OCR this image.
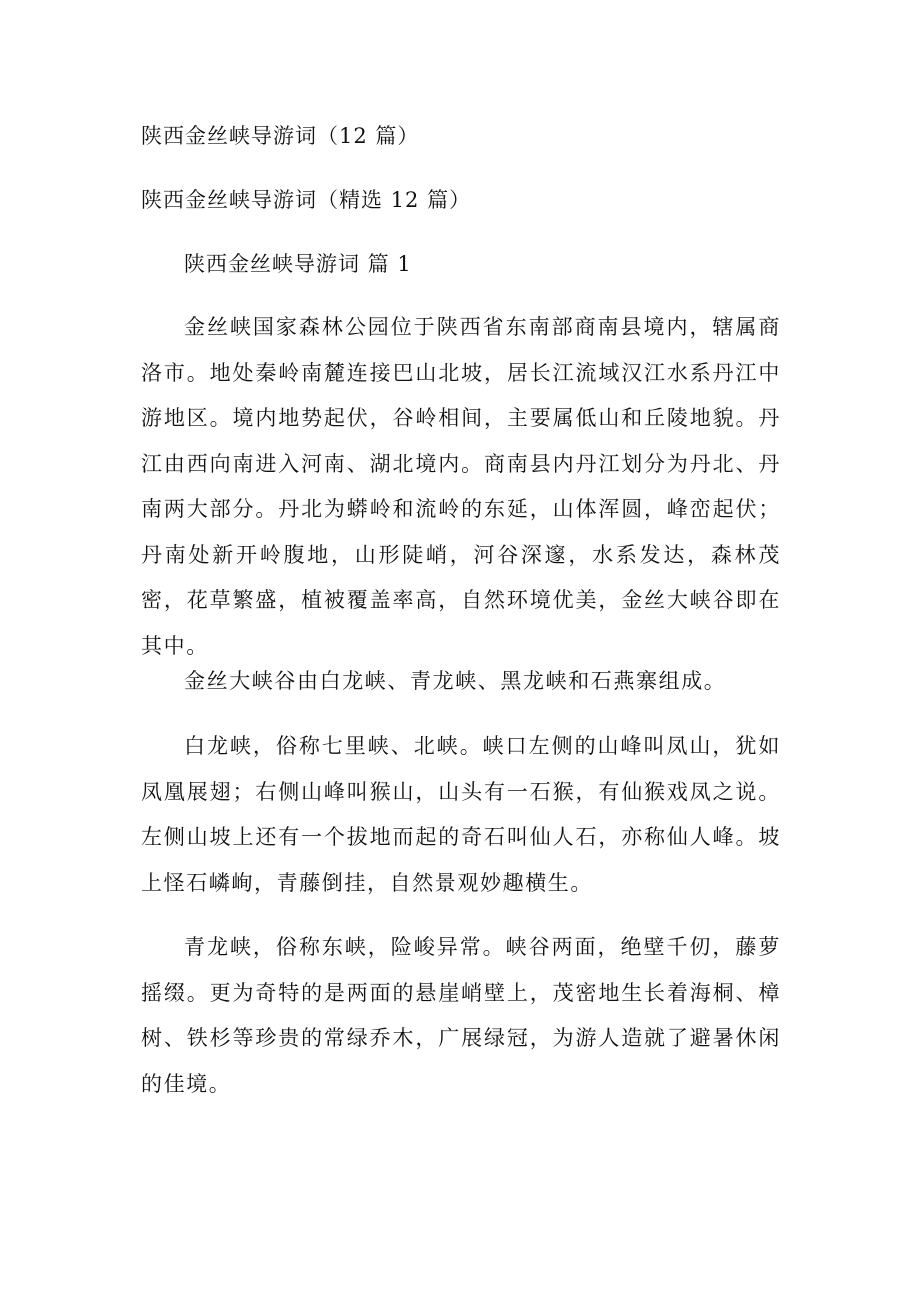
陕西金丝峡导游词（12 篇）
陕西金丝峡导游词（精选 12 篇）
陕西金丝峡导游词 篇 1

金丝峡国家森林公园位于陕西省东南部商南县境内，辖属商洛市。地处秦岭南麓连接巴山北坡，居长江流域汉江水系丹江中游地区。境内地势起伏，谷岭相间，主要属低山和丘陵地貌。丹江由西向南进入河南、湖北境内。商南县内丹江划分为丹北、丹南两大部分。丹北为蟒岭和流岭的东延，山体浑圆，峰峦起伏；丹南处新开岭腹地，山形陡峭，河谷深邃，水系发达，森林茂密，花草繁盛，植被覆盖率高，自然环境优美，金丝大峡谷即在其中。

金丝大峡谷由白龙峡、青龙峡、黑龙峡和石燕寨组成。

白龙峡，俗称七里峡、北峡。峡口左侧的山峰叫凤山，犹如凤凰展翅；右侧山峰叫猴山，山头有一石猴，有仙猴戏凤之说。左侧山坡上还有一个拔地而起的奇石叫仙人石，亦称仙人峰。坡上怪石嶙峋，青藤倒挂，自然景观妙趣横生。

青龙峡，俗称东峡，险峻异常。峡谷两面，绝壁千仞，藤萝摇缀。更为奇特的是两面的悬崖峭壁上，茂密地生长着海桐、樟树、铁杉等珍贵的常绿乔木，广展绿冠，为游人造就了避暑休闲的佳境。
